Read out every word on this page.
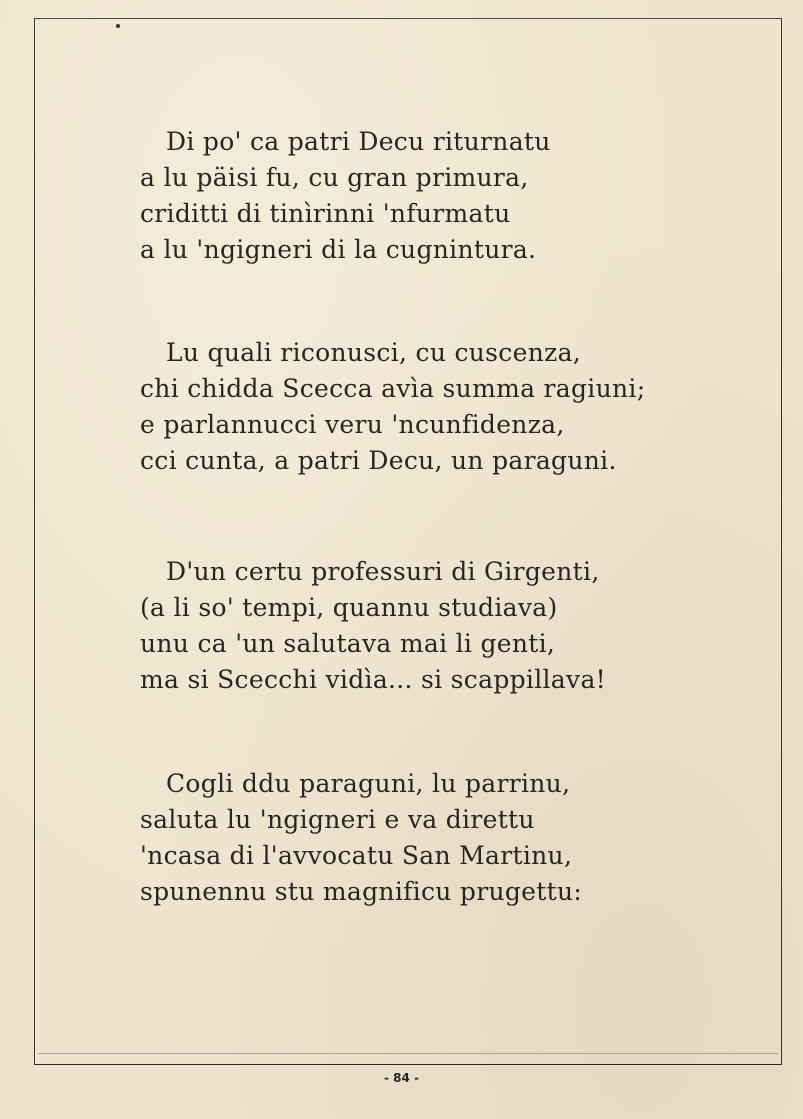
Di po' ca patri Decu riturnatu
a lu päisi fu, cu gran primura,
criditti di tinìrinni 'nfurmatu
a lu 'ngigneri di la cugnintura.
Lu quali riconusci, cu cuscenza,
chi chidda Scecca avìa summa ragiuni;
e parlannucci veru 'ncunfidenza,
cci cunta, a patri Decu, un paraguni.
D'un certu professuri di Girgenti,
(a li so' tempi, quannu studiava)
unu ca 'un salutava mai li genti,
ma si Scecchi vidìa... si scappillava!
Cogli ddu paraguni, lu parrinu,
saluta lu 'ngigneri e va direttu
'ncasa di l'avvocatu San Martinu,
spunennu stu magnificu prugettu:
- 84 -
